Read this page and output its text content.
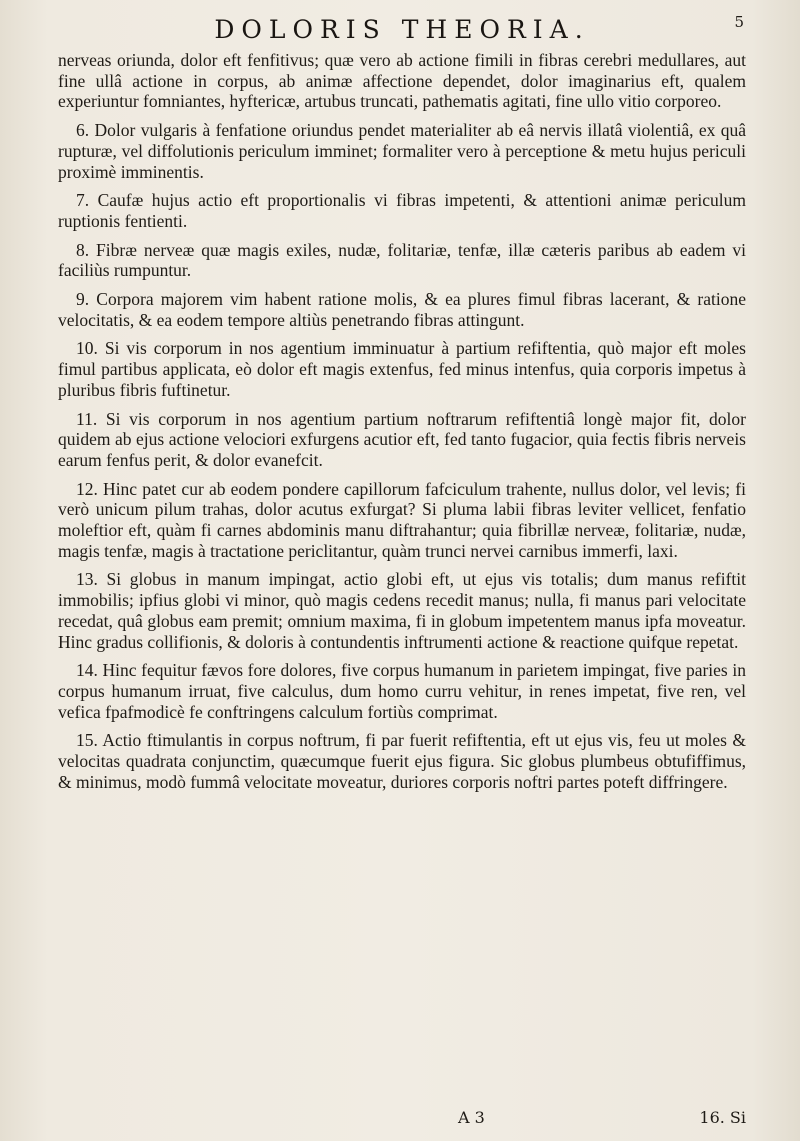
DOLORIS THEORIA.	5

nerveas oriunda, dolor eft fenfitivus; quæ vero ab actione fimili in fibras cerebri medullares, aut fine ullâ actione in corpus, ab animæ affectione dependet, dolor imaginarius eft, qualem experiuntur fomniantes, hyftericæ, artubus truncati, pathematis agitati, fine ullo vitio corporeo.

6. Dolor vulgaris à fenfatione oriundus pendet materialiter ab eâ nervis illatâ violentiâ, ex quâ rupturæ, vel diffolutionis periculum imminet; formaliter vero à perceptione & metu hujus periculi proximè imminentis.

7. Caufæ hujus actio eft proportionalis vi fibras impetenti, & attentioni animæ periculum ruptionis fentienti.

8. Fibræ nerveæ quæ magis exiles, nudæ, folitariæ, tenfæ, illæ cæteris paribus ab eadem vi faciliùs rumpuntur.

9. Corpora majorem vim habent ratione molis, & ea plures fimul fibras lacerant, & ratione velocitatis, & ea eodem tempore altiùs penetrando fibras attingunt.

10. Si vis corporum in nos agentium imminuatur à partium refiftentia, quò major eft moles fimul partibus applicata, eò dolor eft magis extenfus, fed minus intenfus, quia corporis impetus à pluribus fibris fuftinetur.

11. Si vis corporum in nos agentium partium noftrarum refiftentiâ longè major fit, dolor quidem ab ejus actione velociori exfurgens acutior eft, fed tanto fugacior, quia fectis fibris nerveis earum fenfus perit, & dolor evanefcit.

12. Hinc patet cur ab eodem pondere capillorum fafciculum trahente, nullus dolor, vel levis; fi verò unicum pilum trahas, dolor acutus exfurgat? Si pluma labii fibras leviter vellicet, fenfatio moleftior eft, quàm fi carnes abdominis manu diftrahantur; quia fibrillæ nerveæ, folitariæ, nudæ, magis tenfæ, magis à tractatione periclitantur, quàm trunci nervei carnibus immerfi, laxi.

13. Si globus in manum impingat, actio globi eft, ut ejus vis totalis; dum manus refiftit immobilis; ipfius globi vi minor, quò magis cedens recedit manus; nulla, fi manus pari velocitate recedat, quâ globus eam premit; omnium maxima, fi in globum impetentem manus ipfa moveatur. Hinc gradus collifionis, & doloris à contundentis inftrumenti actione & reactione quifque repetat.

14. Hinc fequitur fævos fore dolores, five corpus humanum in parietem impingat, five paries in corpus humanum irruat, five calculus, dum homo curru vehitur, in renes impetat, five ren, vel vefica fpafmodicè fe conftringens calculum fortiùs comprimat.

15. Actio ftimulantis in corpus noftrum, fi par fuerit refiftentia, eft ut ejus vis, feu ut moles & velocitas quadrata conjunctim, quæcumque fuerit ejus figura. Sic globus plumbeus obtufiffimus, & minimus, modò fummâ velocitate moveatur, duriores corporis noftri partes poteft diffringere.

A 3	16. Si
